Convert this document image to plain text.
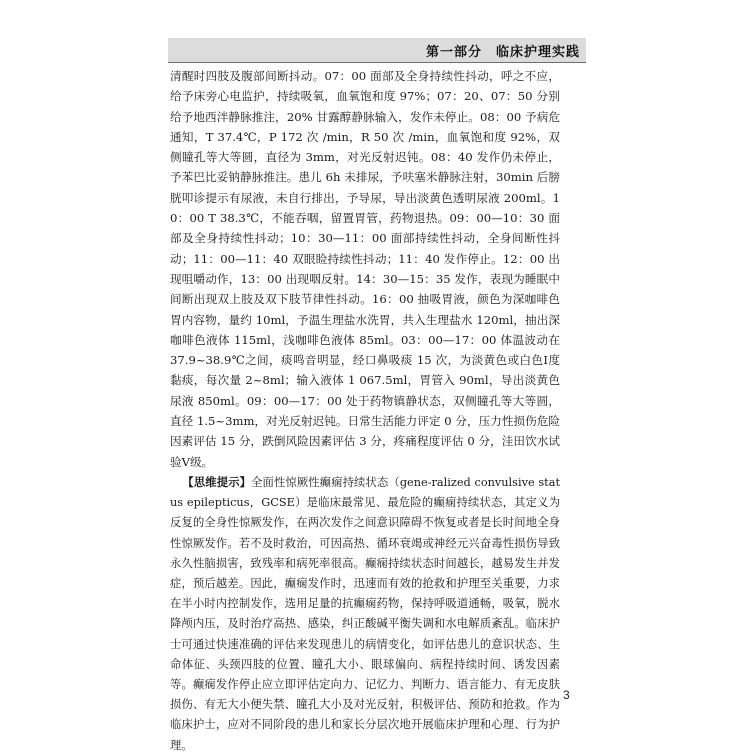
第一部分　临床护理实践

清醒时四肢及腹部间断抖动。07：00 面部及全身持续性抖动，呼之不应，给予床旁心电监护，持续吸氧，血氧饱和度 97%；07：20、07：50 分别给予地西泮静脉推注，20% 甘露醇静脉输入，发作未停止。08：00 予病危通知，T 37.4℃，P 172 次 /min，R 50 次 /min，血氧饱和度 92%，双侧瞳孔等大等圆，直径为 3mm，对光反射迟钝。08：40 发作仍未停止，予苯巴比妥钠静脉推注。患儿 6h 未排尿，予呋塞米静脉注射，30min 后膀胱叩诊提示有尿液，未自行排出，予导尿，导出淡黄色透明尿液 200ml。10：00 T 38.3℃，不能吞咽，留置胃管，药物退热。09：00—10：30 面部及全身持续性抖动；10：30—11：00 面部持续性抖动，全身间断性抖动；11：00—11：40 双眼睑持续性抖动；11：40 发作停止。12：00 出现咀嚼动作，13：00 出现咽反射。14：30—15：35 发作，表现为睡眠中间断出现双上肢及双下肢节律性抖动。16：00 抽吸胃液，颜色为深咖啡色胃内容物，量约 10ml，予温生理盐水洗胃，共入生理盐水 120ml，抽出深咖啡色液体 115ml，浅咖啡色液体 85ml。03：00—17：00 体温波动在 37.9~38.9℃之间，痰鸣音明显，经口鼻吸痰 15 次，为淡黄色或白色Ⅰ度黏痰，每次量 2~8ml；输入液体 1 067.5ml，胃管入 90ml，导出淡黄色尿液 850ml。09：00—17：00 处于药物镇静状态，双侧瞳孔等大等圆，直径 1.5~3mm，对光反射迟钝。日常生活能力评定 0 分，压力性损伤危险因素评估 15 分，跌倒风险因素评估 3 分，疼痛程度评估 0 分，洼田饮水试验Ⅴ级。

【思维提示】全面性惊厥性癫痫持续状态（gene-ralized convulsive status epilepticus，GCSE）是临床最常见、最危险的癫痫持续状态，其定义为反复的全身性惊厥发作，在两次发作之间意识障碍不恢复或者是长时间地全身性惊厥发作。若不及时救治，可因高热、循环衰竭或神经元兴奋毒性损伤导致永久性脑损害，致残率和病死率很高。癫痫持续状态时间越长，越易发生并发症，预后越差。因此，癫痫发作时，迅速而有效的抢救和护理至关重要，力求在半小时内控制发作，选用足量的抗癫痫药物，保持呼吸道通畅，吸氧，脱水降颅内压，及时治疗高热、感染，纠正酸碱平衡失调和水电解质紊乱。临床护士可通过快速准确的评估来发现患儿的病情变化，如评估患儿的意识状态、生命体征、头颈四肢的位置、瞳孔大小、眼球偏向、病程持续时间、诱发因素等。癫痫发作停止应立即评估定向力、记忆力、判断力、语言能力、有无皮肤损伤、有无大小便失禁、瞳孔大小及对光反射，积极评估、预防和抢救。作为临床护士，应对不同阶段的患儿和家长分层次地开展临床护理和心理、行为护理。

3
